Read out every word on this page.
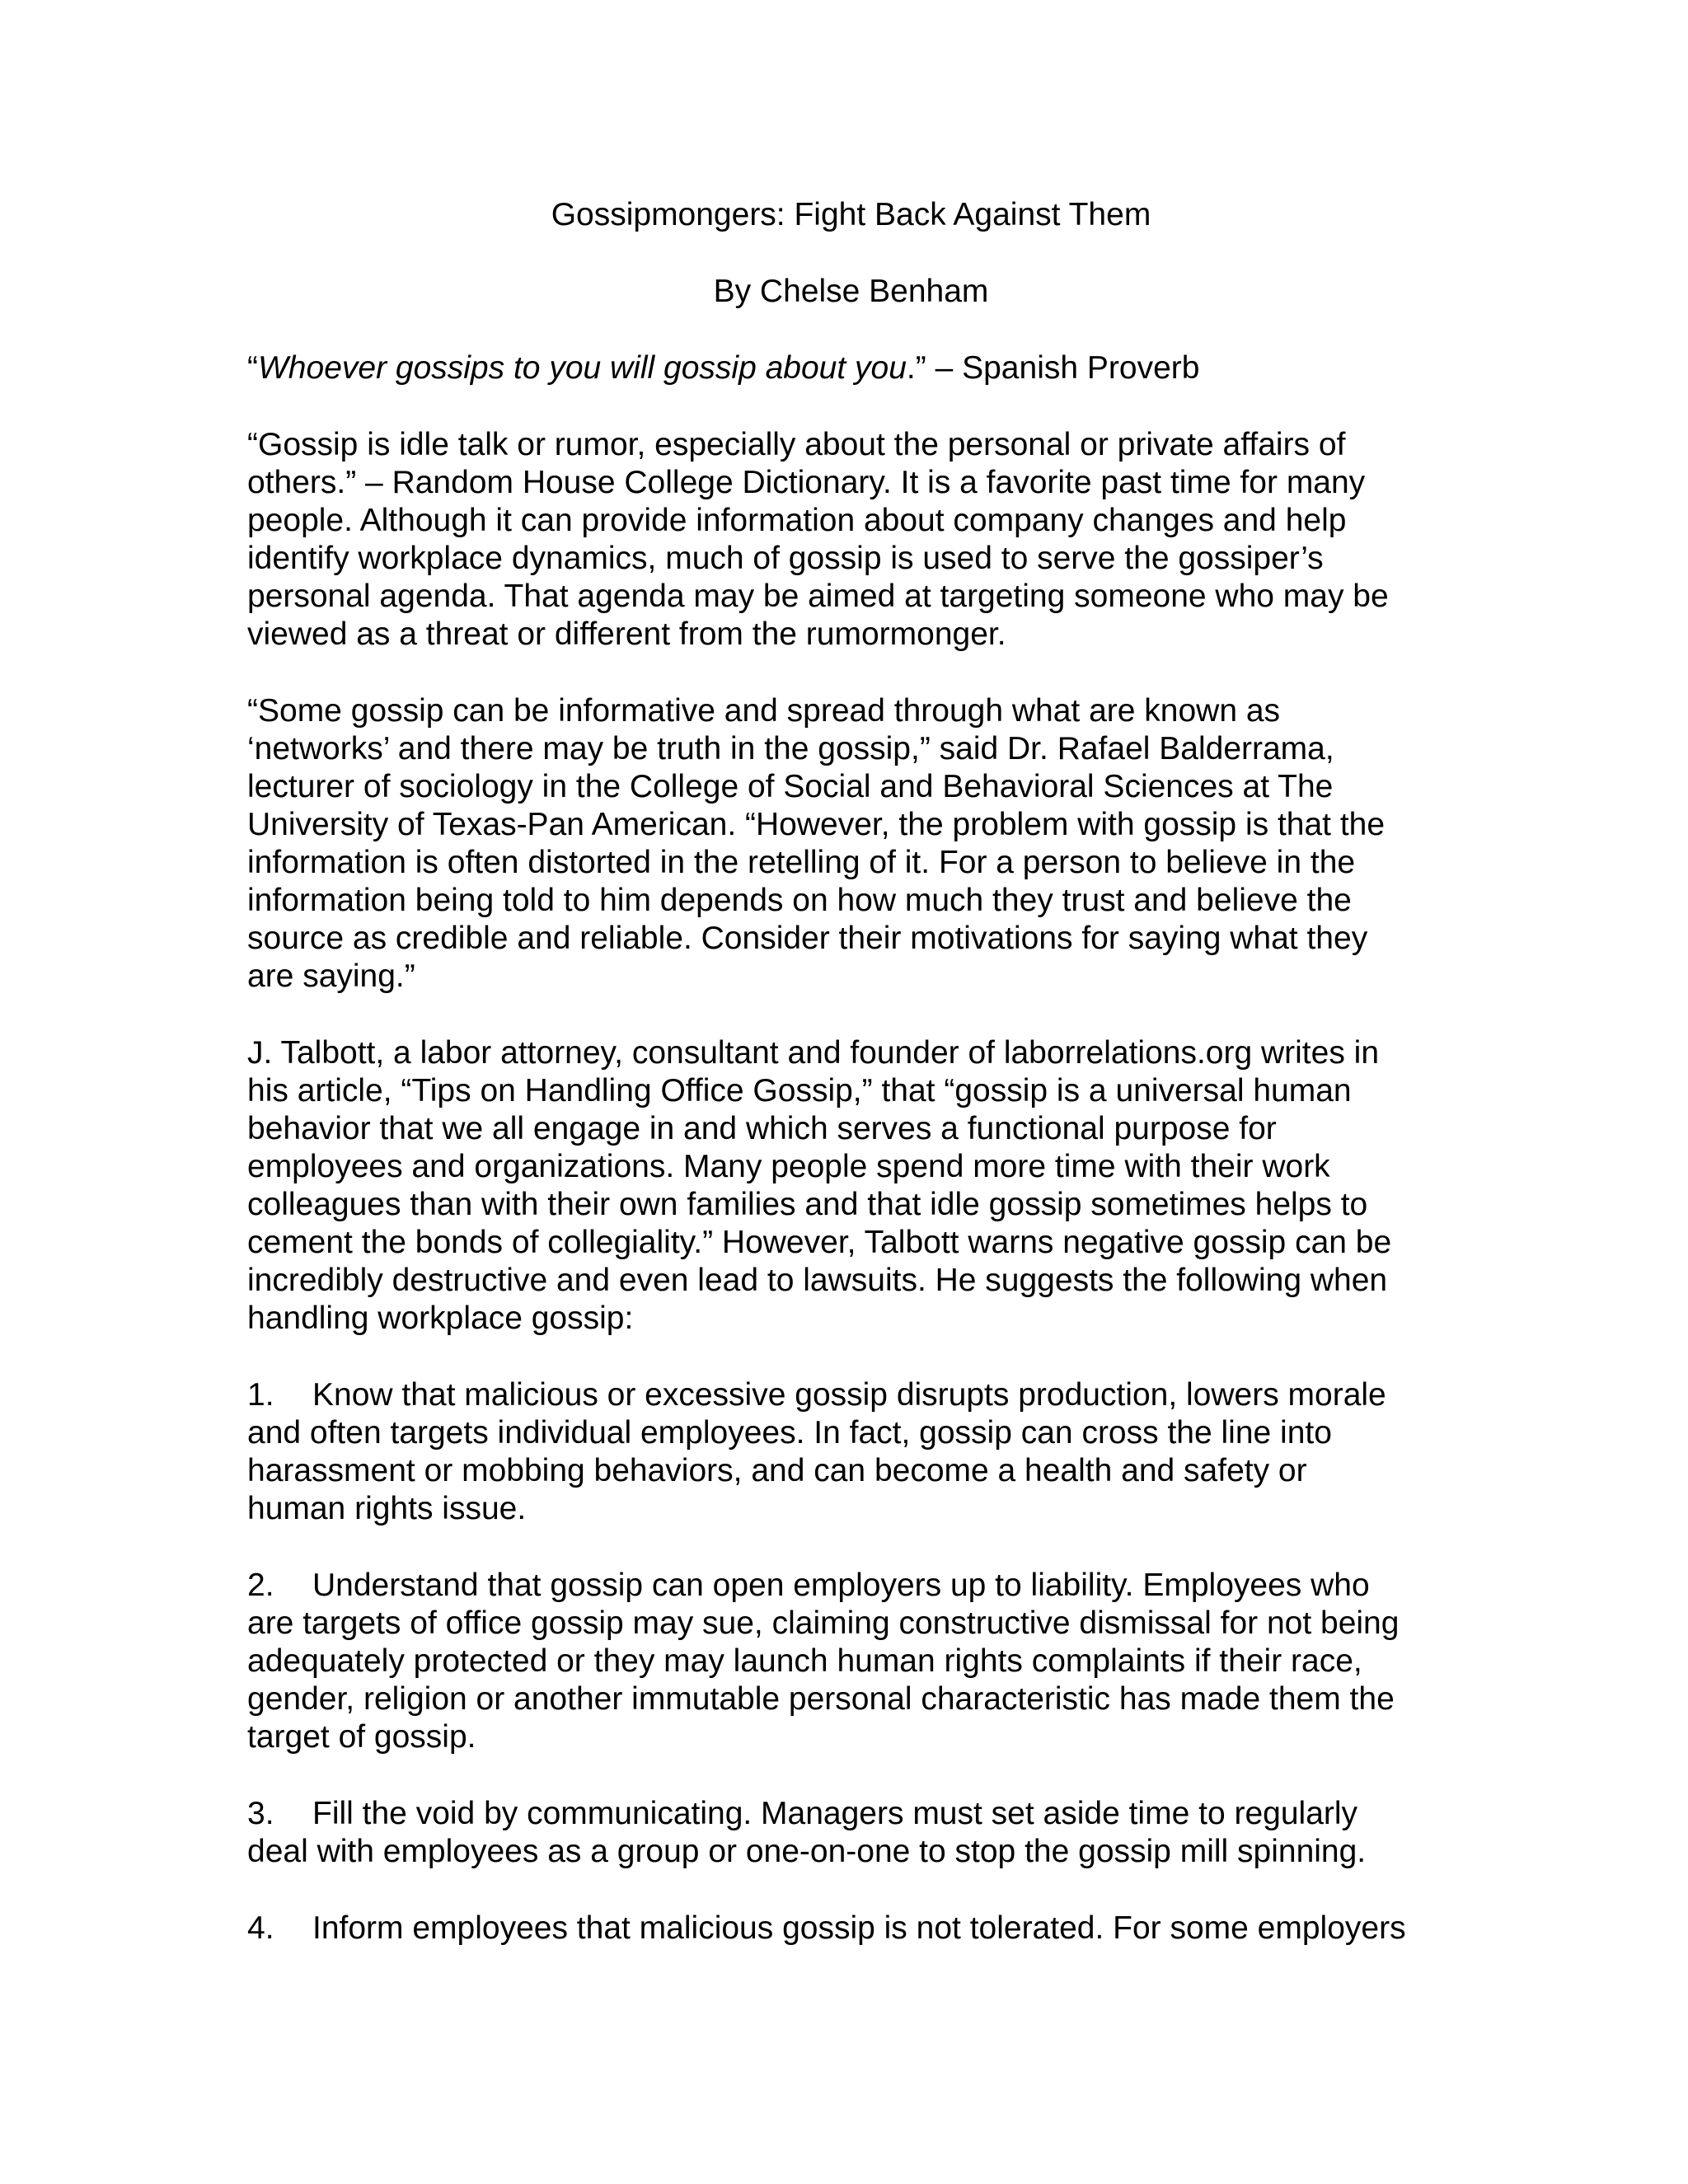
Gossipmongers: Fight Back Against Them

By Chelse Benham

“Whoever gossips to you will gossip about you.” – Spanish Proverb

“Gossip is idle talk or rumor, especially about the personal or private affairs of
others.” – Random House College Dictionary. It is a favorite past time for many
people. Although it can provide information about company changes and help
identify workplace dynamics, much of gossip is used to serve the gossiper’s
personal agenda. That agenda may be aimed at targeting someone who may be
viewed as a threat or different from the rumormonger.

“Some gossip can be informative and spread through what are known as
‘networks’ and there may be truth in the gossip,” said Dr. Rafael Balderrama,
lecturer of sociology in the College of Social and Behavioral Sciences at The
University of Texas-Pan American. “However, the problem with gossip is that the
information is often distorted in the retelling of it. For a person to believe in the
information being told to him depends on how much they trust and believe the
source as credible and reliable. Consider their motivations for saying what they
are saying.”

J. Talbott, a labor attorney, consultant and founder of laborrelations.org writes in
his article, “Tips on Handling Office Gossip,” that “gossip is a universal human
behavior that we all engage in and which serves a functional purpose for
employees and organizations. Many people spend more time with their work
colleagues than with their own families and that idle gossip sometimes helps to
cement the bonds of collegiality.” However, Talbott warns negative gossip can be
incredibly destructive and even lead to lawsuits. He suggests the following when
handling workplace gossip:

1. Know that malicious or excessive gossip disrupts production, lowers morale
and often targets individual employees. In fact, gossip can cross the line into
harassment or mobbing behaviors, and can become a health and safety or
human rights issue.

2. Understand that gossip can open employers up to liability. Employees who
are targets of office gossip may sue, claiming constructive dismissal for not being
adequately protected or they may launch human rights complaints if their race,
gender, religion or another immutable personal characteristic has made them the
target of gossip.

3. Fill the void by communicating. Managers must set aside time to regularly
deal with employees as a group or one-on-one to stop the gossip mill spinning.

4. Inform employees that malicious gossip is not tolerated. For some employers
